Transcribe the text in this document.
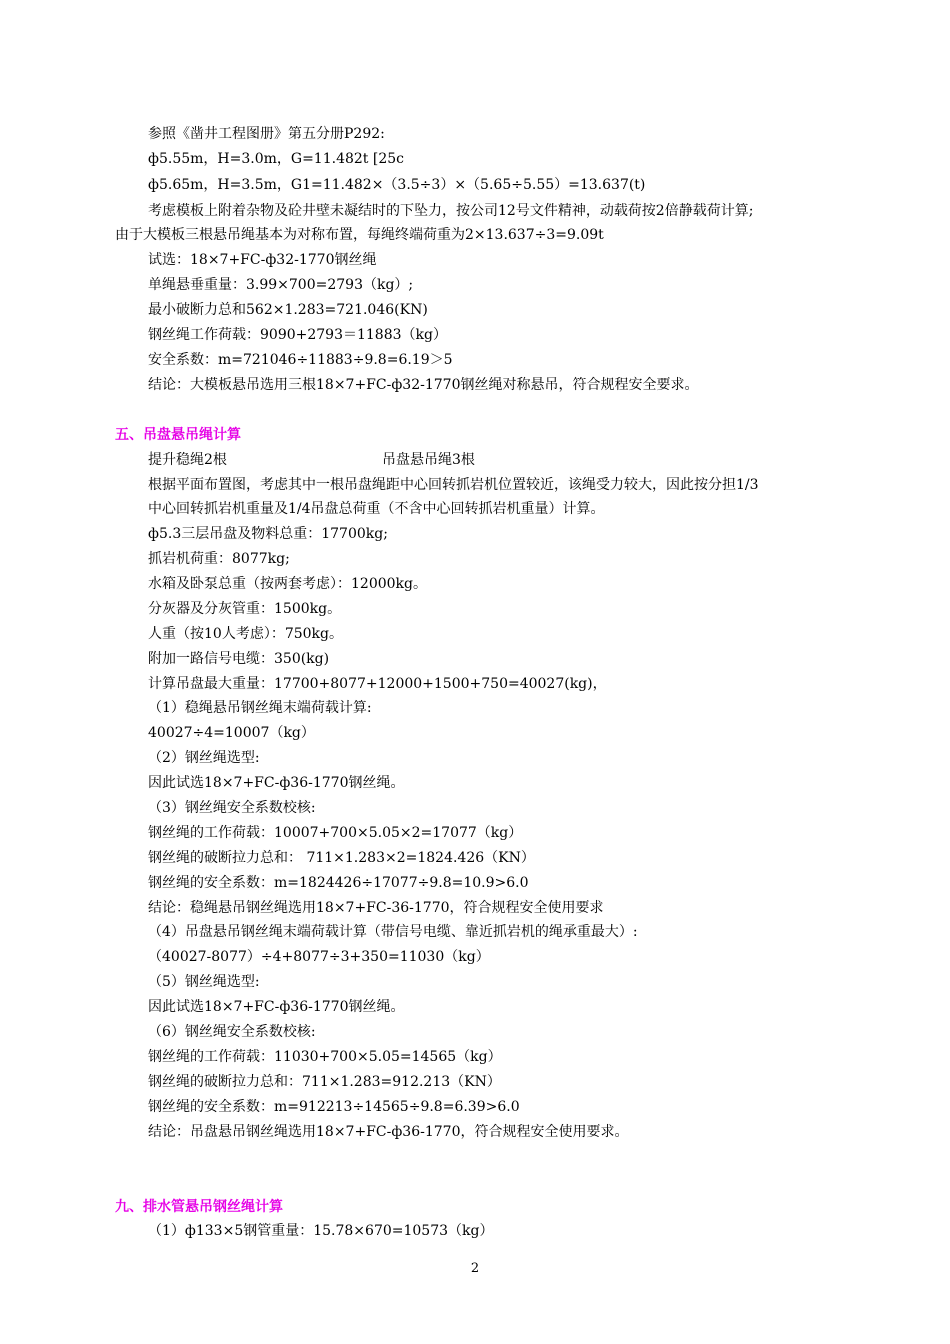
参照《凿井工程图册》第五分册P292:
ф5.55m，H=3.0m，G=11.482t [25c
ф5.65m，H=3.5m，G1=11.482×（3.5÷3）×（5.65÷5.55）=13.637(t)
考虑模板上附着杂物及砼井壁未凝结时的下坠力，按公司12号文件精神，动载荷按2倍静载荷计算;
由于大模板三根悬吊绳基本为对称布置，每绳终端荷重为2×13.637÷3=9.09t
试选：18×7+FC-ф32-1770钢丝绳
单绳悬垂重量：3.99×700=2793（kg）;
最小破断力总和562×1.283=721.046(KN)
钢丝绳工作荷载：9090+2793＝11883（kg）
安全系数：m=721046÷11883÷9.8=6.19＞5
结论：大模板悬吊选用三根18×7+FC-ф32-1770钢丝绳对称悬吊，符合规程安全要求。
五、吊盘悬吊绳计算
提升稳绳2根	吊盘悬吊绳3根
根据平面布置图，考虑其中一根吊盘绳距中心回转抓岩机位置较近，该绳受力较大，因此按分担1/3
中心回转抓岩机重量及1/4吊盘总荷重（不含中心回转抓岩机重量）计算。
ф5.3三层吊盘及物料总重：17700kg;
抓岩机荷重：8077kg;
水箱及卧泵总重（按两套考虑）：12000kg。
分灰器及分灰管重：1500kg。
人重（按10人考虑）：750kg。
附加一路信号电缆：350(kg)
计算吊盘最大重量：17700+8077+12000+1500+750=40027(kg)，
（1）稳绳悬吊钢丝绳末端荷载计算:
40027÷4=10007（kg）
（2）钢丝绳选型:
因此试选18×7+FC-ф36-1770钢丝绳。
（3）钢丝绳安全系数校核:
钢丝绳的工作荷载：10007+700×5.05×2=17077（kg）
钢丝绳的破断拉力总和： 711×1.283×2=1824.426（KN）
钢丝绳的安全系数：m=1824426÷17077÷9.8=10.9>6.0
结论：稳绳悬吊钢丝绳选用18×7+FC-36-1770，符合规程安全使用要求
（4）吊盘悬吊钢丝绳末端荷载计算（带信号电缆、靠近抓岩机的绳承重最大）:
（40027-8077）÷4+8077÷3+350=11030（kg）
（5）钢丝绳选型:
因此试选18×7+FC-ф36-1770钢丝绳。
（6）钢丝绳安全系数校核:
钢丝绳的工作荷载：11030+700×5.05=14565（kg）
钢丝绳的破断拉力总和：711×1.283=912.213（KN）
钢丝绳的安全系数：m=912213÷14565÷9.8=6.39>6.0
结论：吊盘悬吊钢丝绳选用18×7+FC-ф36-1770，符合规程安全使用要求。
九、排水管悬吊钢丝绳计算
（1）ф133×5钢管重量：15.78×670=10573（kg）
2
